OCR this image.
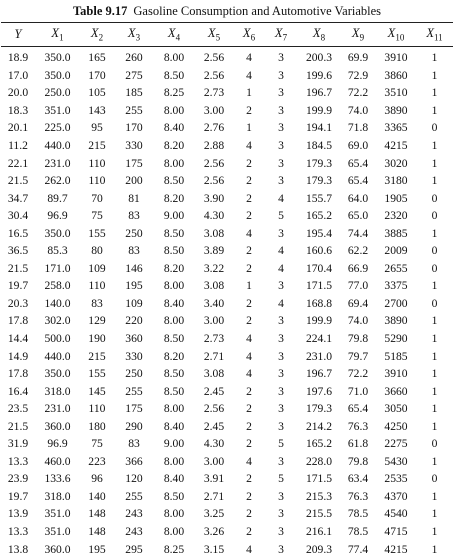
Table 9.17 Gasoline Consumption and Automotive Variables
Y	$X_1$	$X_2$	$X_3$	$X_4$	$X_5$	$X_6$	$X_7$	$X_8$	$X_9$	$X_{10}$	$X_{11}$
18.9	350.0	165	260	8.00	2.56	4	3	200.3	69.9	3910	1
17.0	350.0	170	275	8.50	2.56	4	3	199.6	72.9	3860	1
20.0	250.0	105	185	8.25	2.73	1	3	196.7	72.2	3510	1
18.3	351.0	143	255	8.00	3.00	2	3	199.9	74.0	3890	1
20.1	225.0	95	170	8.40	2.76	1	3	194.1	71.8	3365	0
11.2	440.0	215	330	8.20	2.88	4	3	184.5	69.0	4215	1
22.1	231.0	110	175	8.00	2.56	2	3	179.3	65.4	3020	1
21.5	262.0	110	200	8.50	2.56	2	3	179.3	65.4	3180	1
34.7	89.7	70	81	8.20	3.90	2	4	155.7	64.0	1905	0
30.4	96.9	75	83	9.00	4.30	2	5	165.2	65.0	2320	0
16.5	350.0	155	250	8.50	3.08	4	3	195.4	74.4	3885	1
36.5	85.3	80	83	8.50	3.89	2	4	160.6	62.2	2009	0
21.5	171.0	109	146	8.20	3.22	2	4	170.4	66.9	2655	0
19.7	258.0	110	195	8.00	3.08	1	3	171.5	77.0	3375	1
20.3	140.0	83	109	8.40	3.40	2	4	168.8	69.4	2700	0
17.8	302.0	129	220	8.00	3.00	2	3	199.9	74.0	3890	1
14.4	500.0	190	360	8.50	2.73	4	3	224.1	79.8	5290	1
14.9	440.0	215	330	8.20	2.71	4	3	231.0	79.7	5185	1
17.8	350.0	155	250	8.50	3.08	4	3	196.7	72.2	3910	1
16.4	318.0	145	255	8.50	2.45	2	3	197.6	71.0	3660	1
23.5	231.0	110	175	8.00	2.56	2	3	179.3	65.4	3050	1
21.5	360.0	180	290	8.40	2.45	2	3	214.2	76.3	4250	1
31.9	96.9	75	83	9.00	4.30	2	5	165.2	61.8	2275	0
13.3	460.0	223	366	8.00	3.00	4	3	228.0	79.8	5430	1
23.9	133.6	96	120	8.40	3.91	2	5	171.5	63.4	2535	0
19.7	318.0	140	255	8.50	2.71	2	3	215.3	76.3	4370	1
13.9	351.0	148	243	8.00	3.25	2	3	215.5	78.5	4540	1
13.3	351.0	148	243	8.00	3.26	2	3	216.1	78.5	4715	1
13.8	360.0	195	295	8.25	3.15	4	3	209.3	77.4	4215	1
